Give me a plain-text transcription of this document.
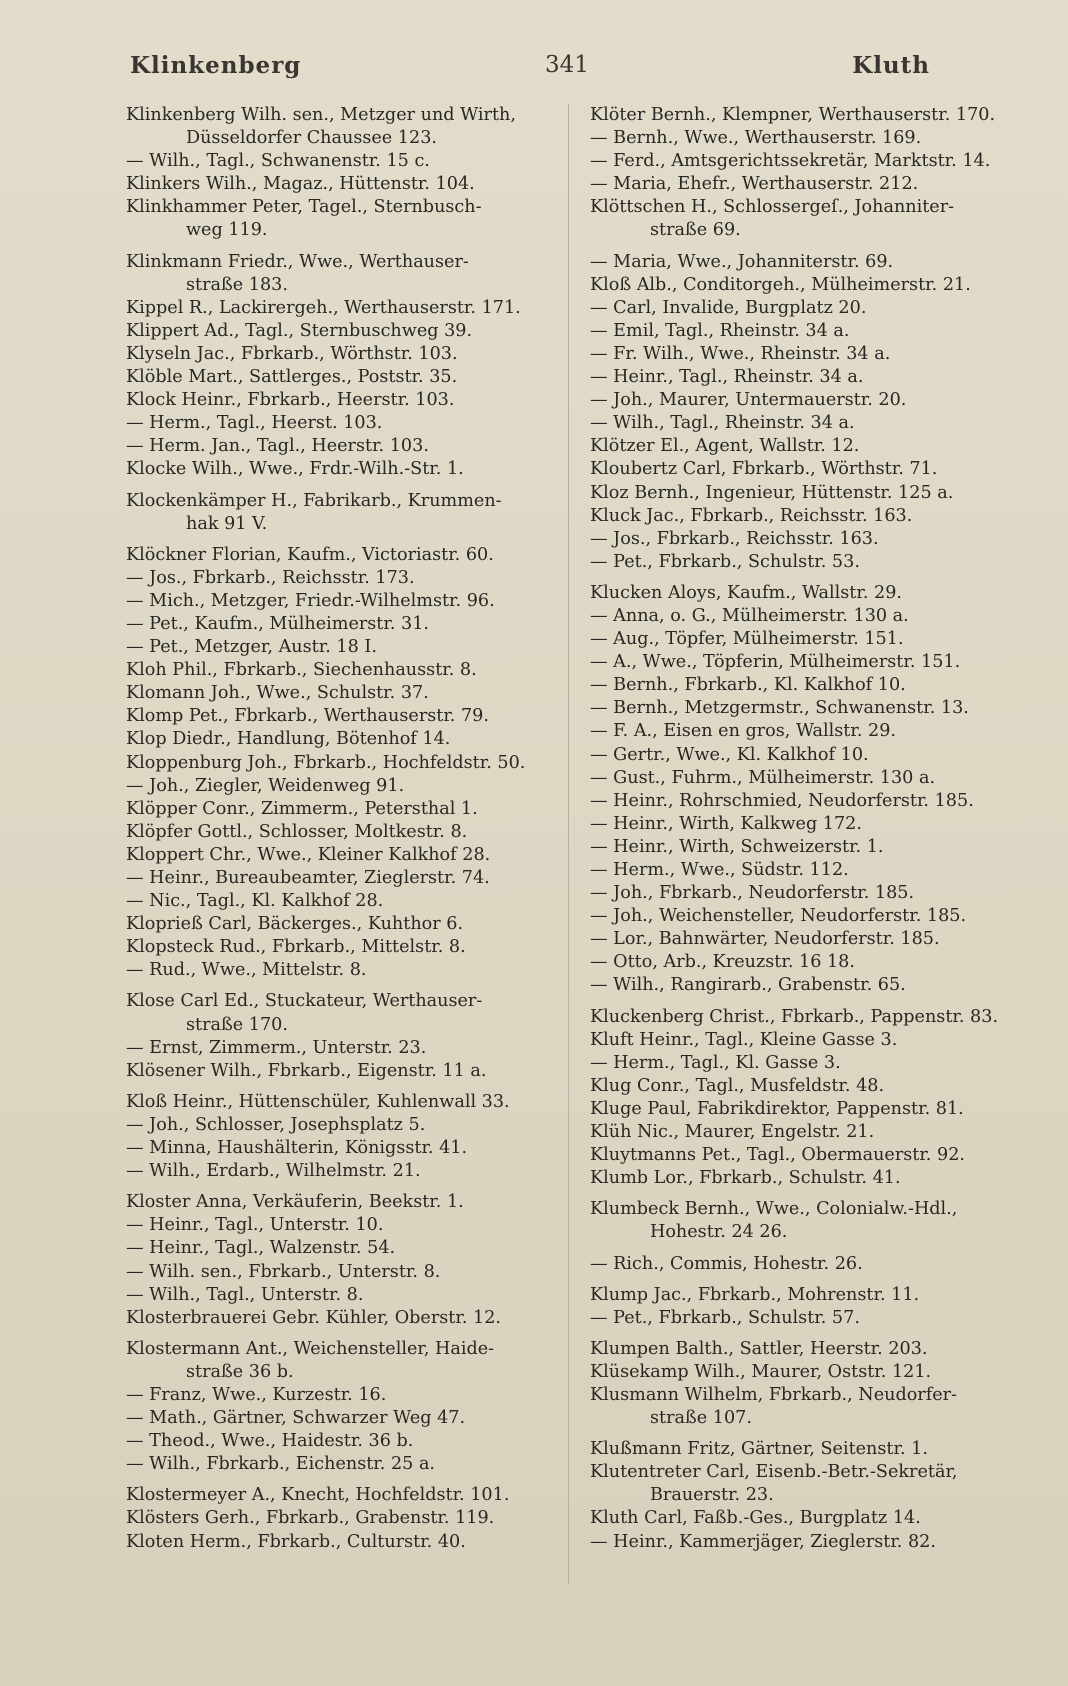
Klinkenberg	341	Kluth
Klinkenberg Wilh. sen., Metzger und Wirth,
Düsseldorfer Chaussee 123.
— Wilh., Tagl., Schwanenstr. 15 c.
Klinkers Wilh., Magaz., Hüttenstr. 104.
Klinkhammer Peter, Tagel., Sternbusch-
weg 119.
Klinkmann Friedr., Wwe., Werthauser-
straße 183.
Kippel R., Lackirergeh., Werthauserstr. 171.
Klippert Ad., Tagl., Sternbuschweg 39.
Klyseln Jac., Fbrkarb., Wörthstr. 103.
Klöble Mart., Sattlerges., Poststr. 35.
Klock Heinr., Fbrkarb., Heerstr. 103.
— Herm., Tagl., Heerst. 103.
— Herm. Jan., Tagl., Heerstr. 103.
Klocke Wilh., Wwe., Frdr.-Wilh.-Str. 1.
Klockenkämper H., Fabrikarb., Krummen-
hak 91 V.
Klöckner Florian, Kaufm., Victoriastr. 60.
— Jos., Fbrkarb., Reichsstr. 173.
— Mich., Metzger, Friedr.-Wilhelmstr. 96.
— Pet., Kaufm., Mülheimerstr. 31.
— Pet., Metzger, Austr. 18 I.
Kloh Phil., Fbrkarb., Siechenhausstr. 8.
Klomann Joh., Wwe., Schulstr. 37.
Klomp Pet., Fbrkarb., Werthauserstr. 79.
Klop Diedr., Handlung, Bötenhof 14.
Kloppenburg Joh., Fbrkarb., Hochfeldstr. 50.
— Joh., Ziegler, Weidenweg 91.
Klöpper Conr., Zimmerm., Petersthal 1.
Klöpfer Gottl., Schlosser, Moltkestr. 8.
Kloppert Chr., Wwe., Kleiner Kalkhof 28.
— Heinr., Bureaubeamter, Zieglerstr. 74.
— Nic., Tagl., Kl. Kalkhof 28.
Kloprieß Carl, Bäckerges., Kuhthor 6.
Klopsteck Rud., Fbrkarb., Mittelstr. 8.
— Rud., Wwe., Mittelstr. 8.
Klose Carl Ed., Stuckateur, Werthauser-
straße 170.
— Ernst, Zimmerm., Unterstr. 23.
Klösener Wilh., Fbrkarb., Eigenstr. 11 a.
Kloß Heinr., Hüttenschüler, Kuhlenwall 33.
— Joh., Schlosser, Josephsplatz 5.
— Minna, Haushälterin, Königsstr. 41.
— Wilh., Erdarb., Wilhelmstr. 21.
Kloster Anna, Verkäuferin, Beekstr. 1.
— Heinr., Tagl., Unterstr. 10.
— Heinr., Tagl., Walzenstr. 54.
— Wilh. sen., Fbrkarb., Unterstr. 8.
— Wilh., Tagl., Unterstr. 8.
Klosterbrauerei Gebr. Kühler, Oberstr. 12.
Klostermann Ant., Weichensteller, Haide-
straße 36 b.
— Franz, Wwe., Kurzestr. 16.
— Math., Gärtner, Schwarzer Weg 47.
— Theod., Wwe., Haidestr. 36 b.
— Wilh., Fbrkarb., Eichenstr. 25 a.
Klostermeyer A., Knecht, Hochfeldstr. 101.
Klösters Gerh., Fbrkarb., Grabenstr. 119.
Kloten Herm., Fbrkarb., Culturstr. 40.
Klöter Bernh., Klempner, Werthauserstr. 170.
— Bernh., Wwe., Werthauserstr. 169.
— Ferd., Amtsgerichtssekretär, Marktstr. 14.
— Maria, Ehefr., Werthauserstr. 212.
Klöttschen H., Schlossergeſ., Johanniter-
straße 69.
— Maria, Wwe., Johanniterstr. 69.
Kloß Alb., Conditorgeh., Mülheimerstr. 21.
— Carl, Invalide, Burgplatz 20.
— Emil, Tagl., Rheinstr. 34 a.
— Fr. Wilh., Wwe., Rheinstr. 34 a.
— Heinr., Tagl., Rheinstr. 34 a.
— Joh., Maurer, Untermauerstr. 20.
— Wilh., Tagl., Rheinstr. 34 a.
Klötzer El., Agent, Wallstr. 12.
Kloubertz Carl, Fbrkarb., Wörthstr. 71.
Kloz Bernh., Ingenieur, Hüttenstr. 125 a.
Kluck Jac., Fbrkarb., Reichsstr. 163.
— Jos., Fbrkarb., Reichsstr. 163.
— Pet., Fbrkarb., Schulstr. 53.
Klucken Aloys, Kaufm., Wallstr. 29.
— Anna, o. G., Mülheimerstr. 130 a.
— Aug., Töpfer, Mülheimerstr. 151.
— A., Wwe., Töpferin, Mülheimerstr. 151.
— Bernh., Fbrkarb., Kl. Kalkhof 10.
— Bernh., Metzgermstr., Schwanenstr. 13.
— F. A., Eisen en gros, Wallstr. 29.
— Gertr., Wwe., Kl. Kalkhof 10.
— Gust., Fuhrm., Mülheimerstr. 130 a.
— Heinr., Rohrschmied, Neudorferstr. 185.
— Heinr., Wirth, Kalkweg 172.
— Heinr., Wirth, Schweizerstr. 1.
— Herm., Wwe., Südstr. 112.
— Joh., Fbrkarb., Neudorferstr. 185.
— Joh., Weichensteller, Neudorferstr. 185.
— Lor., Bahnwärter, Neudorferstr. 185.
— Otto, Arb., Kreuzstr. 16 18.
— Wilh., Rangirarb., Grabenstr. 65.
Kluckenberg Christ., Fbrkarb., Pappenstr. 83.
Kluft Heinr., Tagl., Kleine Gasse 3.
— Herm., Tagl., Kl. Gasse 3.
Klug Conr., Tagl., Musfeldstr. 48.
Kluge Paul, Fabrikdirektor, Pappenstr. 81.
Klüh Nic., Maurer, Engelstr. 21.
Kluytmanns Pet., Tagl., Obermauerstr. 92.
Klumb Lor., Fbrkarb., Schulstr. 41.
Klumbeck Bernh., Wwe., Colonialw.-Hdl.,
Hohestr. 24 26.
— Rich., Commis, Hohestr. 26.
Klump Jac., Fbrkarb., Mohrenstr. 11.
— Pet., Fbrkarb., Schulstr. 57.
Klumpen Balth., Sattler, Heerstr. 203.
Klüsekamp Wilh., Maurer, Oststr. 121.
Klusmann Wilhelm, Fbrkarb., Neudorfer-
straße 107.
Klußmann Fritz, Gärtner, Seitenstr. 1.
Klutentreter Carl, Eisenb.-Betr.-Sekretär,
Brauerstr. 23.
Kluth Carl, Faßb.-Ges., Burgplatz 14.
— Heinr., Kammerjäger, Zieglerstr. 82.
